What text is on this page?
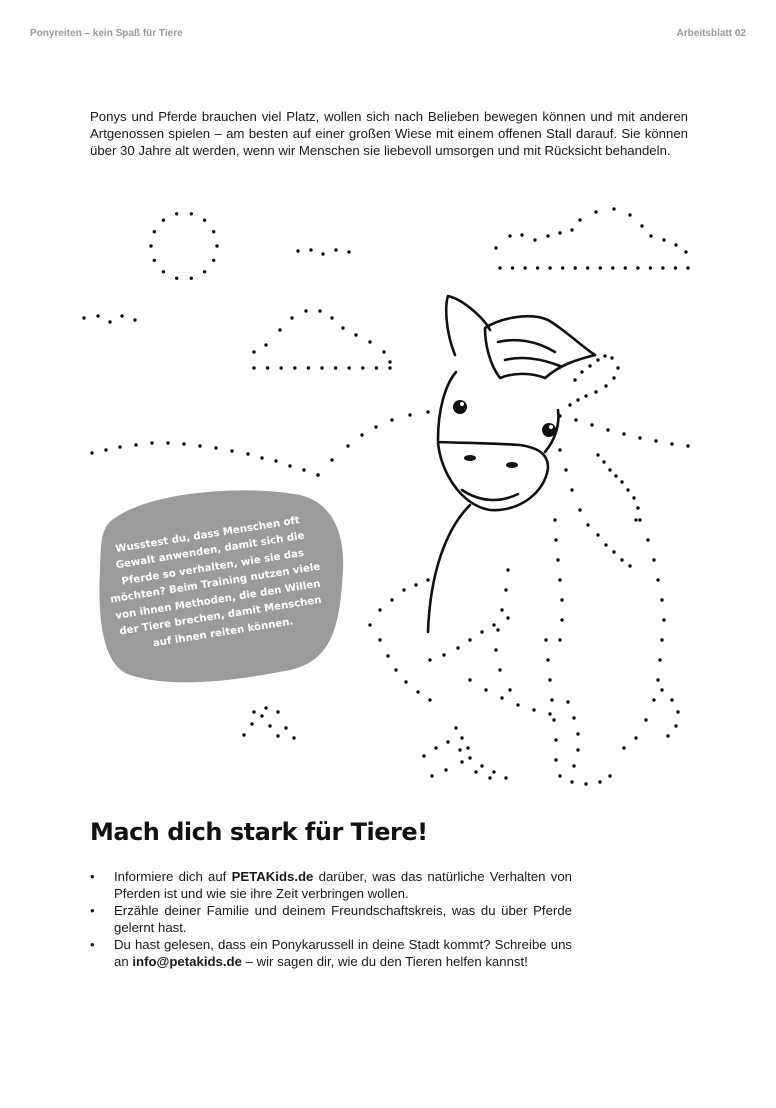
Ponyreiten – kein Spaß für Tiere	Arbeitsblatt 02

Ponys und Pferde brauchen viel Platz, wollen sich nach Belieben bewegen können und mit anderen Artgenossen spielen – am besten auf einer großen Wiese mit einem offenen Stall darauf. Sie können über 30 Jahre alt werden, wenn wir Menschen sie liebevoll umsorgen und mit Rücksicht behandeln.

Wusstest du, dass Menschen oft Gewalt anwenden, damit sich die Pferde so verhalten, wie sie das möchten? Beim Training nutzen viele von ihnen Methoden, die den Willen der Tiere brechen, damit Menschen auf ihnen reiten können.

Mach dich stark für Tiere!
• Informiere dich auf PETAKids.de darüber, was das natürliche Verhalten von Pferden ist und wie sie ihre Zeit verbringen wollen.
• Erzähle deiner Familie und deinem Freundschaftskreis, was du über Pferde gelernt hast.
• Du hast gelesen, dass ein Ponykarussell in deine Stadt kommt? Schreibe uns an info@petakids.de – wir sagen dir, wie du den Tieren helfen kannst!
